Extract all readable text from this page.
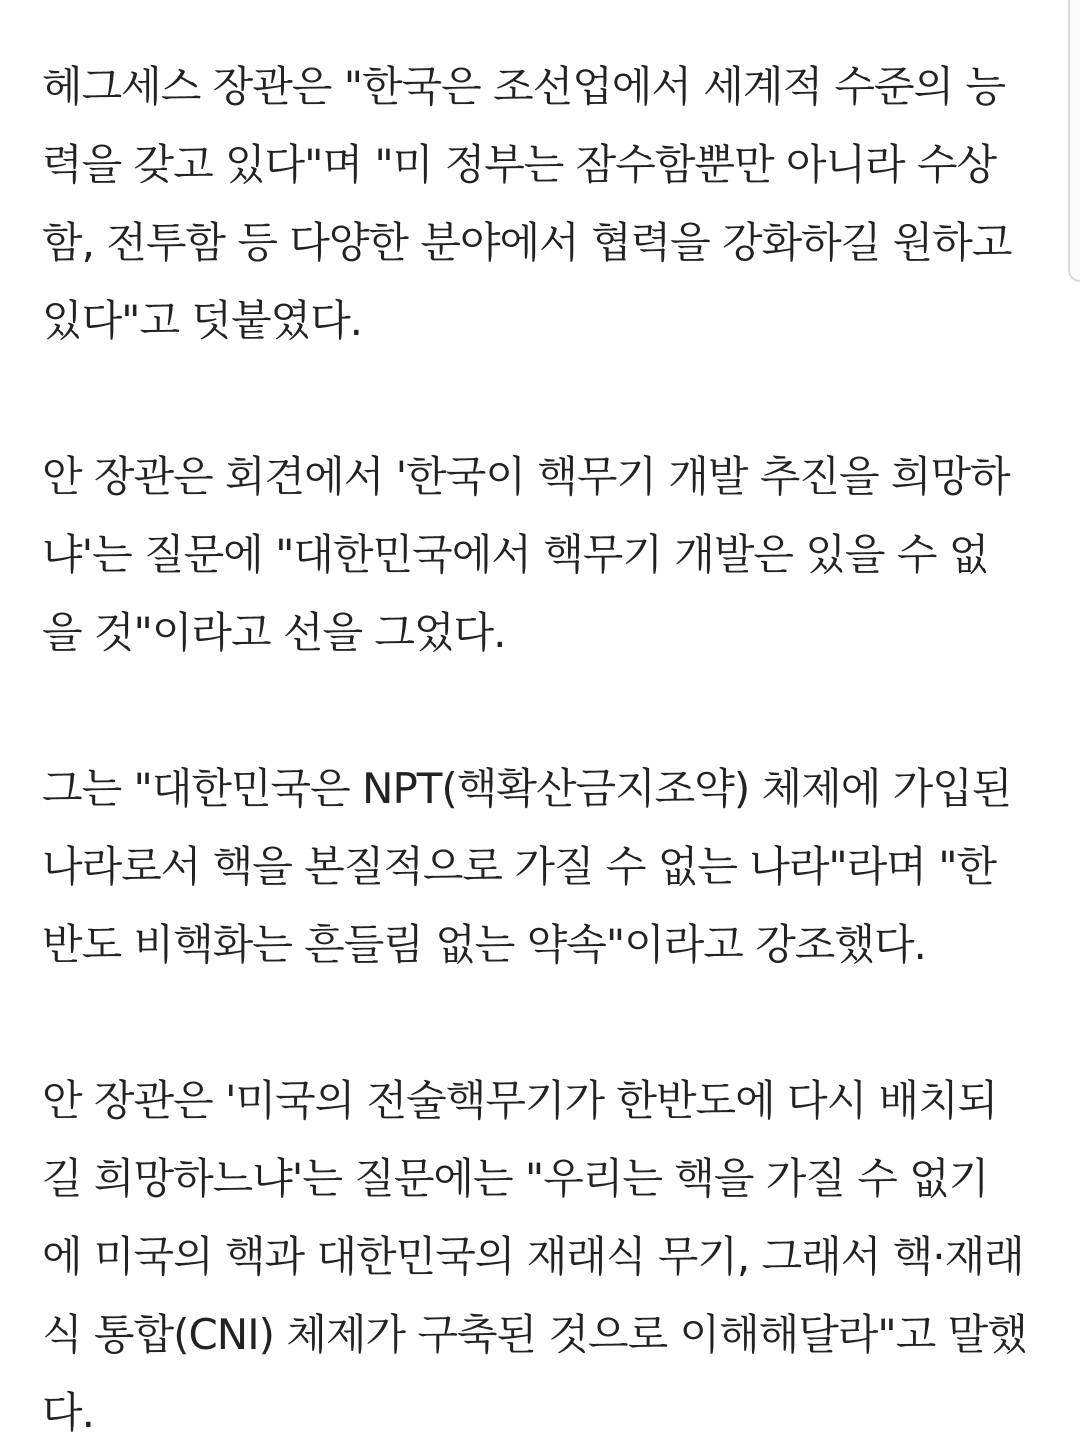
헤그세스 장관은 "한국은 조선업에서 세계적 수준의 능
력을 갖고 있다"며 "미 정부는 잠수함뿐만 아니라 수상
함, 전투함 등 다양한 분야에서 협력을 강화하길 원하고
있다"고 덧붙였다.

안 장관은 회견에서 '한국이 핵무기 개발 추진을 희망하
냐'는 질문에 "대한민국에서 핵무기 개발은 있을 수 없
을 것"이라고 선을 그었다.

그는 "대한민국은 NPT(핵확산금지조약) 체제에 가입된
나라로서 핵을 본질적으로 가질 수 없는 나라"라며 "한
반도 비핵화는 흔들림 없는 약속"이라고 강조했다.

안 장관은 '미국의 전술핵무기가 한반도에 다시 배치되
길 희망하느냐'는 질문에는 "우리는 핵을 가질 수 없기
에 미국의 핵과 대한민국의 재래식 무기, 그래서 핵·재래
식 통합(CNI) 체제가 구축된 것으로 이해해달라"고 말했
다.
